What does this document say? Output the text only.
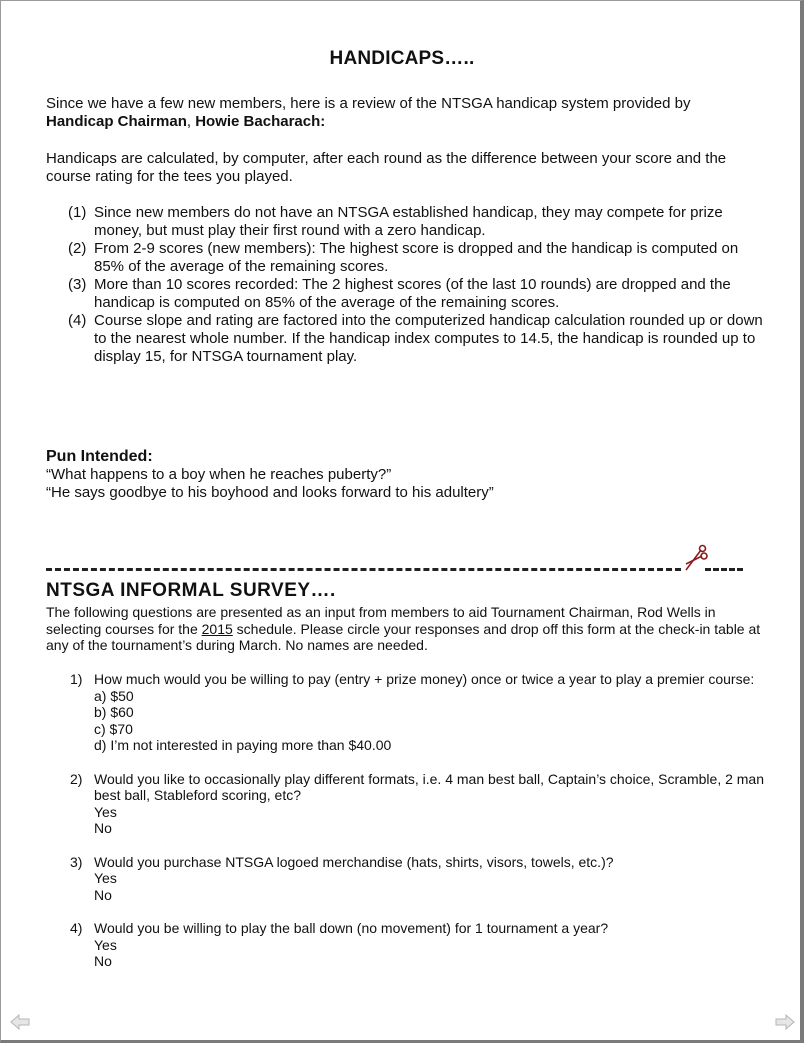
HANDICAPS…..

Since we have a few new members, here is a review of the NTSGA handicap system provided by Handicap Chairman, Howie Bacharach:

Handicaps are calculated, by computer, after each round as the difference between your score and the course rating for the tees you played.

(1) Since new members do not have an NTSGA established handicap, they may compete for prize money, but must play their first round with a zero handicap.
(2) From 2-9 scores (new members): The highest score is dropped and the handicap is computed on 85% of the average of the remaining scores.
(3) More than 10 scores recorded: The 2 highest scores (of the last 10 rounds) are dropped and the handicap is computed on 85% of the average of the remaining scores.
(4) Course slope and rating are factored into the computerized handicap calculation rounded up or down to the nearest whole number. If the handicap index computes to 14.5, the handicap is rounded up to display 15, for NTSGA tournament play.
Pun Intended:
“What happens to a boy when he reaches puberty?”
“He says goodbye to his boyhood and looks forward to his adultery”
NTSGA INFORMAL SURVEY….

The following questions are presented as an input from members to aid Tournament Chairman, Rod Wells in selecting courses for the 2015 schedule. Please circle your responses and drop off this form at the check-in table at any of the tournament’s during March. No names are needed.

1) How much would you be willing to pay (entry + prize money) once or twice a year to play a premier course:
a) $50
b) $60
c) $70
d) I’m not interested in paying more than $40.00
2) Would you like to occasionally play different formats, i.e. 4 man best ball, Captain’s choice, Scramble, 2 man best ball, Stableford scoring, etc?
Yes
No
3) Would you purchase NTSGA logoed merchandise (hats, shirts, visors, towels, etc.)?
Yes
No
4) Would you be willing to play the ball down (no movement) for 1 tournament a year?
Yes
No
